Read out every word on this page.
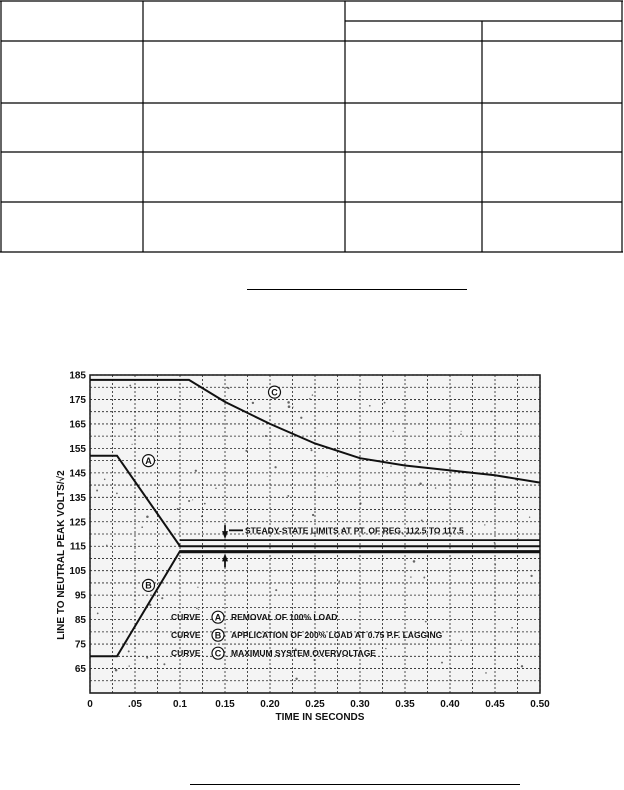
65
75
85
95
105
115
125
135
145
155
165
175
185
0	.05	0.1	0.15	0.20	0.25	0.30	0.35	0.40	0.45	0.50
A
B
C
STEADY-STATE LIMITS AT PT. OF REG. 112.5 TO 117.5
CURVE A REMOVAL OF 100% LOAD
CURVE B APPLICATION OF 200% LOAD AT 0.75 P.F. LAGGING
CURVE C MAXIMUM SYSTEM OVERVOLTAGE
LINE TO NEUTRAL PEAK VOLTS/√2
TIME IN SECONDS
